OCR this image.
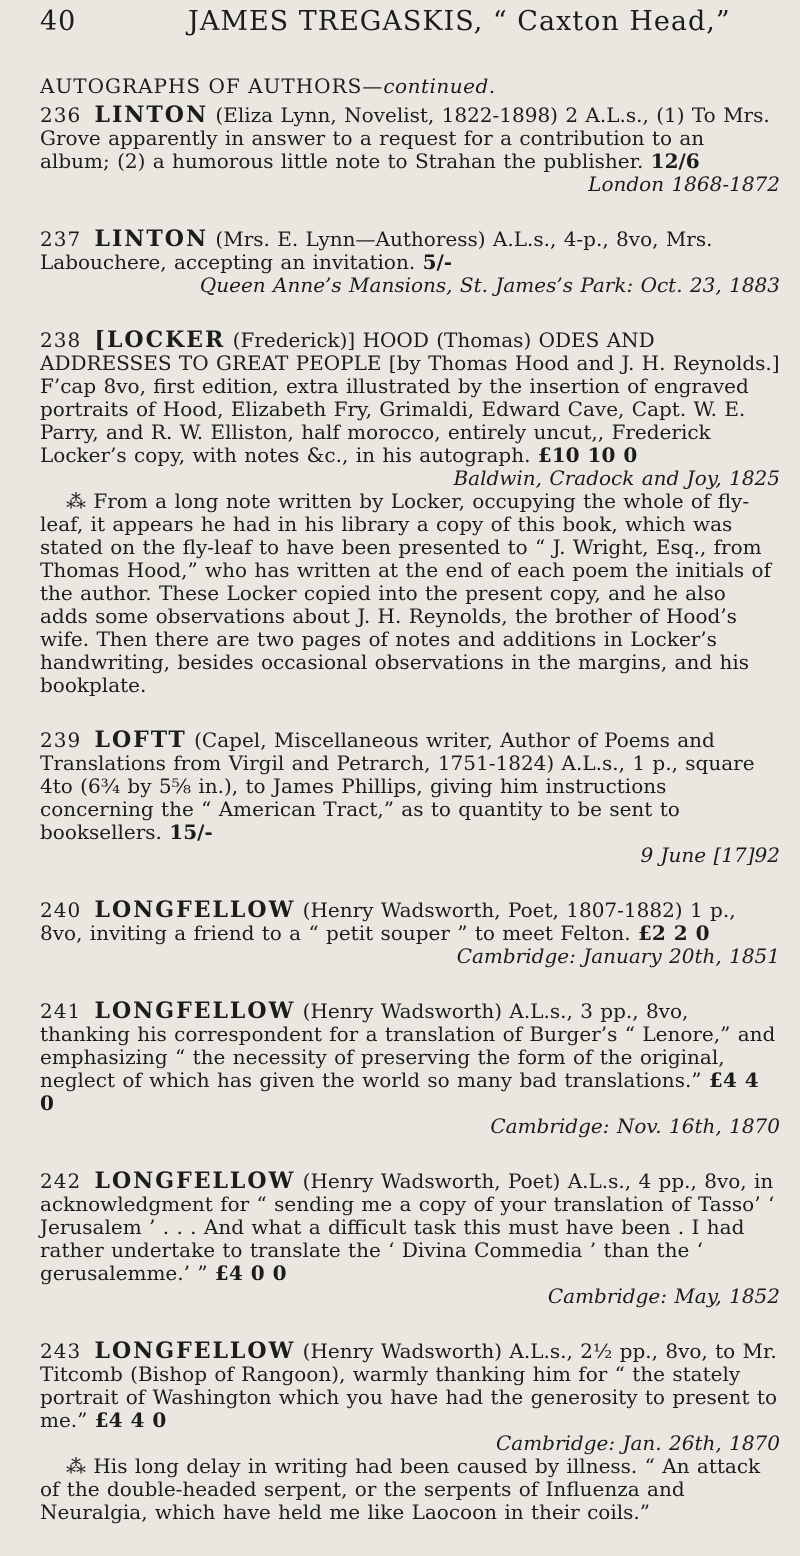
40	JAMES TREGASKIS, “ Caxton Head,”
AUTOGRAPHS OF AUTHORS—continued.
236 LINTON (Eliza Lynn, Novelist, 1822-1898) 2 A.L.s., (1) To Mrs. Grove apparently in answer to a request for a contribution to an album; (2) a humorous little note to Strahan the publisher. 12/6
London 1868-1872
237 LINTON (Mrs. E. Lynn—Authoress) A.L.s., 4-p., 8vo, Mrs. Labouchere, accepting an invitation. 5/-
Queen Anne’s Mansions, St. James’s Park: Oct. 23, 1883
238 [LOCKER (Frederick)] HOOD (Thomas) ODES AND ADDRESSES TO GREAT PEOPLE [by Thomas Hood and J. H. Reynolds.] F’cap 8vo, first edition, extra illustrated by the insertion of engraved portraits of Hood, Elizabeth Fry, Grimaldi, Edward Cave, Capt. W. E. Parry, and R. W. Elliston, half morocco, entirely uncut,, Frederick Locker’s copy, with notes &c., in his autograph. £10 10 0
Baldwin, Cradock and Joy, 1825
⁂ From a long note written by Locker, occupying the whole of fly-leaf, it appears he had in his library a copy of this book, which was stated on the fly-leaf to have been presented to “ J. Wright, Esq., from Thomas Hood,” who has written at the end of each poem the initials of the author. These Locker copied into the present copy, and he also adds some observations about J. H. Reynolds, the brother of Hood’s wife. Then there are two pages of notes and additions in Locker’s handwriting, besides occasional observations in the margins, and his bookplate.
239 LOFTT (Capel, Miscellaneous writer, Author of Poems and Translations from Virgil and Petrarch, 1751-1824) A.L.s., 1 p., square 4to (6¾ by 5⅝ in.), to James Phillips, giving him instructions concerning the “ American Tract,” as to quantity to be sent to booksellers. 15/-
9 June [17]92
240 LONGFELLOW (Henry Wadsworth, Poet, 1807-1882) 1 p., 8vo, inviting a friend to a “ petit souper ” to meet Felton. £2 2 0
Cambridge: January 20th, 1851
241 LONGFELLOW (Henry Wadsworth) A.L.s., 3 pp., 8vo, thanking his correspondent for a translation of Burger’s “ Lenore,” and emphasizing “ the necessity of preserving the form of the original, neglect of which has given the world so many bad translations.” £4 4 0
Cambridge: Nov. 16th, 1870
242 LONGFELLOW (Henry Wadsworth, Poet) A.L.s., 4 pp., 8vo, in acknowledgment for “ sending me a copy of your translation of Tasso’ ‘ Jerusalem ’ . . . And what a difficult task this must have been . I had rather undertake to translate the ‘ Divina Commedia ’ than the ‘ gerusalemme.’ ” £4 0 0
Cambridge: May, 1852
243 LONGFELLOW (Henry Wadsworth) A.L.s., 2½ pp., 8vo, to Mr. Titcomb (Bishop of Rangoon), warmly thanking him for “ the stately portrait of Washington which you have had the generosity to present to me.” £4 4 0
Cambridge: Jan. 26th, 1870
⁂ His long delay in writing had been caused by illness. “ An attack of the double-headed serpent, or the serpents of Influenza and Neuralgia, which have held me like Laocoon in their coils.”
